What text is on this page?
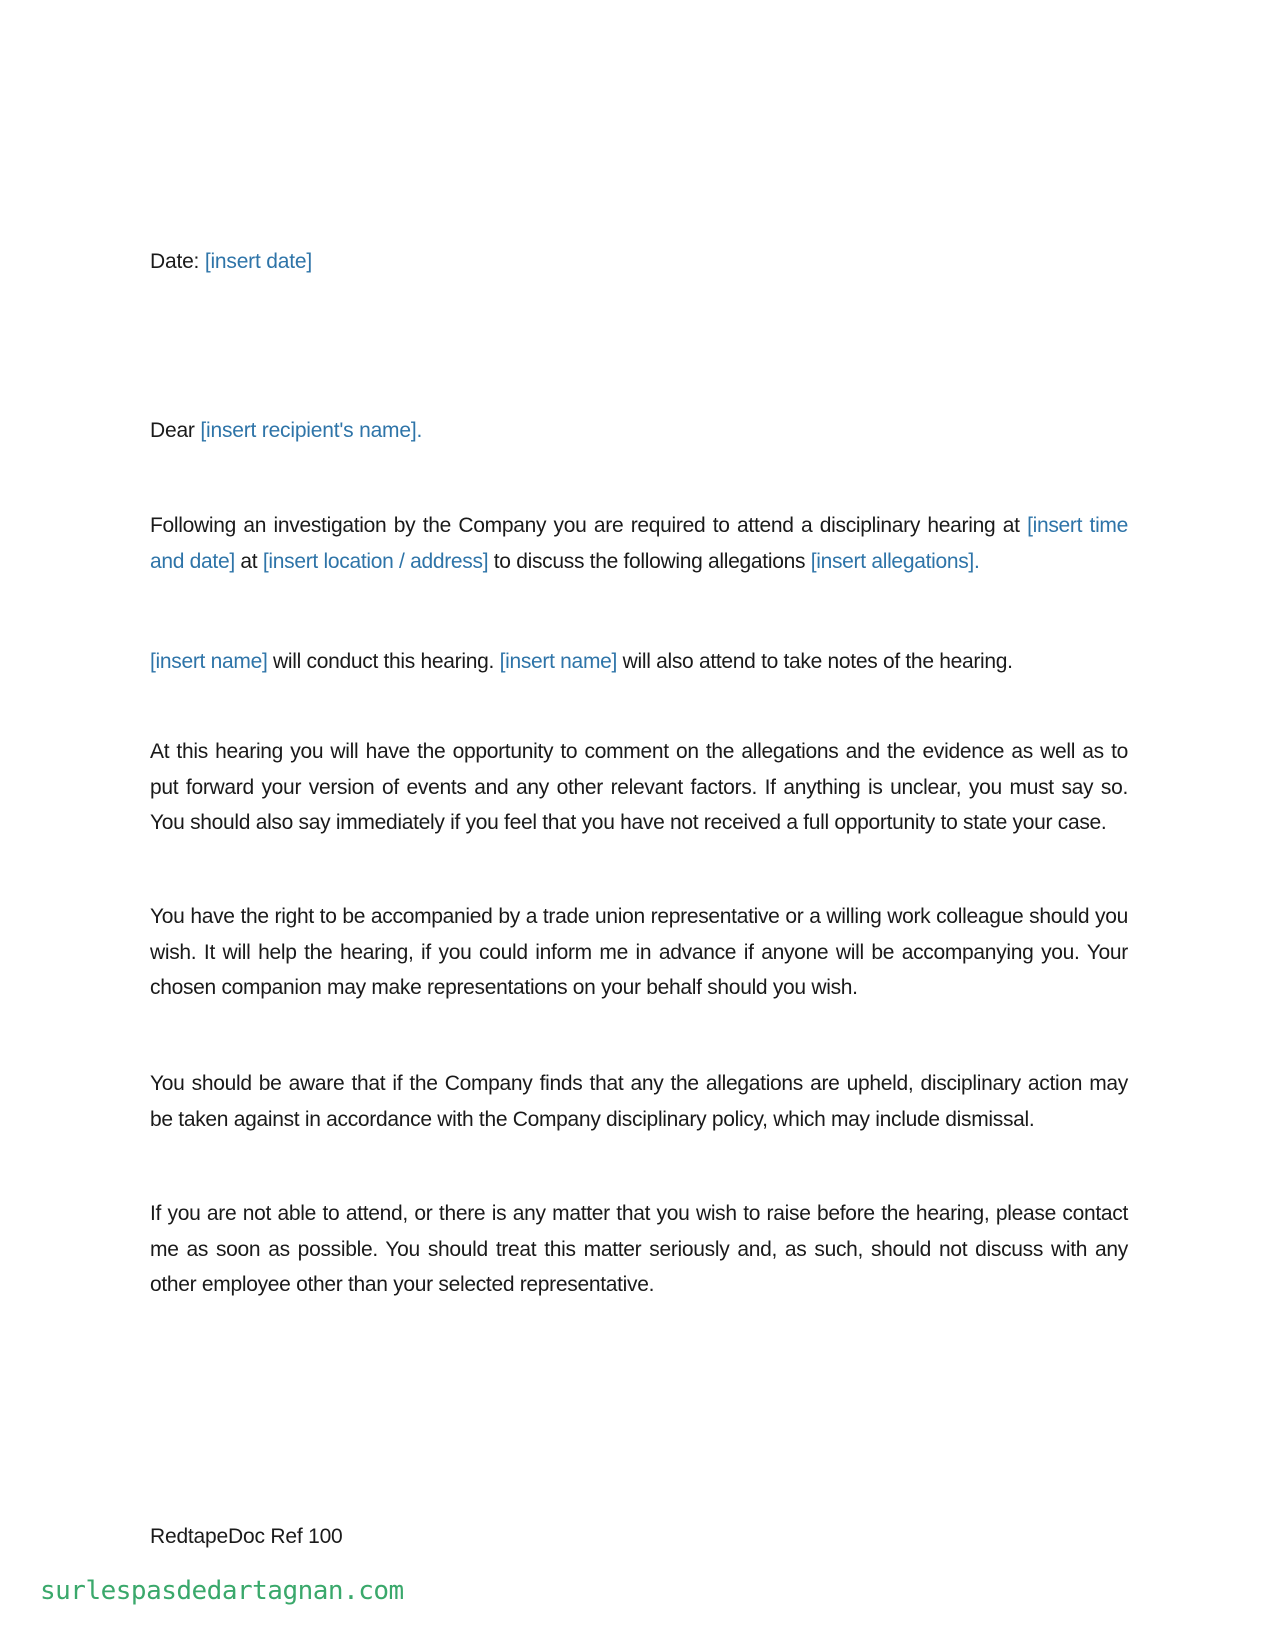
Date: [insert date]
Dear [insert recipient's name].
Following an investigation by the Company you are required to attend a disciplinary hearing at [insert time and date] at [insert location / address] to discuss the following allegations [insert allegations].
[insert name] will conduct this hearing. [insert name] will also attend to take notes of the hearing.
At this hearing you will have the opportunity to comment on the allegations and the evidence as well as to put forward your version of events and any other relevant factors. If anything is unclear, you must say so. You should also say immediately if you feel that you have not received a full opportunity to state your case.
You have the right to be accompanied by a trade union representative or a willing work colleague should you wish. It will help the hearing, if you could inform me in advance if anyone will be accompanying you. Your chosen companion may make representations on your behalf should you wish.
You should be aware that if the Company finds that any the allegations are upheld, disciplinary action may be taken against in accordance with the Company disciplinary policy, which may include dismissal.
If you are not able to attend, or there is any matter that you wish to raise before the hearing, please contact me as soon as possible. You should treat this matter seriously and, as such, should not discuss with any other employee other than your selected representative.
RedtapeDoc Ref 100
surlespasdedartagnan.com
